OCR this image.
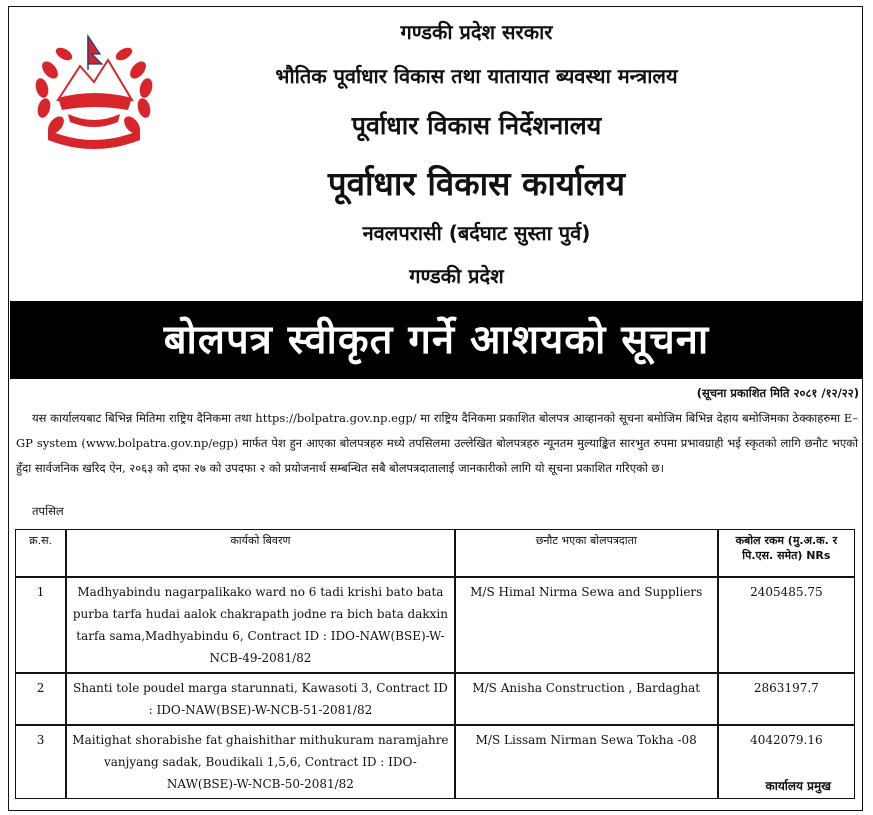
गण्डकी प्रदेश सरकार
भौतिक पूर्वाधार विकास तथा यातायात ब्यवस्था मन्त्रालय
पूर्वाधार विकास निर्देशनालय
पूर्वाधार विकास कार्यालय
नवलपरासी (बर्दघाट सुस्ता पुर्व)
गण्डकी प्रदेश
बोलपत्र स्वीकृत गर्ने आशयको सूचना
(सूचना प्रकाशित मिति २०८१ /१२/२२)
यस कार्यालयबाट बिभिन्न मितिमा राष्ट्रिय दैनिकमा तथा https://bolpatra.gov.np.egp/ मा राष्ट्रिय दैनिकमा प्रकाशित बोलपत्र आव्हानको सूचना बमोजिम बिभिन्न देहाय बमोजिमका ठेक्काहरुमा E–GP system (www.bolpatra.gov.np/egp) मार्फत पेश हुन आएका बोलपत्रहरु मध्ये तपसिलमा उल्लेखित बोलपत्रहरु न्यूनतम मुल्याङ्कित सारभुत रुपमा प्रभावग्राही भई स्कृतको लागि छनौट भएको हुँदा सार्वजनिक खरिद ऐन, २०६३ को दफा २७ को उपदफा २ को प्रयोजनार्थ सम्बन्धित सबै बोलपत्रदातालाई जानकारीको लागि यो सूचना प्रकाशित गरिएको छ।
तपसिल
क्र.स.	कार्यको बिवरण	छनौट भएका बोलपत्रदाता	कबोल रकम (मु.अ.क. र पि.एस. समेत) NRs
1	Madhyabindu nagarpalikako ward no 6 tadi krishi bato bata purba tarfa hudai aalok chakrapath jodne ra bich bata dakxin tarfa sama,Madhyabindu 6, Contract ID : IDO-NAW(BSE)-W-NCB-49-2081/82	M/S Himal Nirma Sewa and Suppliers	2405485.75
2	Shanti tole poudel marga starunnati, Kawasoti 3, Contract ID : IDO-NAW(BSE)-W-NCB-51-2081/82	M/S Anisha Construction , Bardaghat	2863197.7
3	Maitighat shorabishe fat ghaishithar mithukuram naramjahre vanjyang sadak, Boudikali 1,5,6, Contract ID : IDO-NAW(BSE)-W-NCB-50-2081/82	M/S Lissam Nirman Sewa Tokha -08	4042079.16
कार्यालय प्रमुख
